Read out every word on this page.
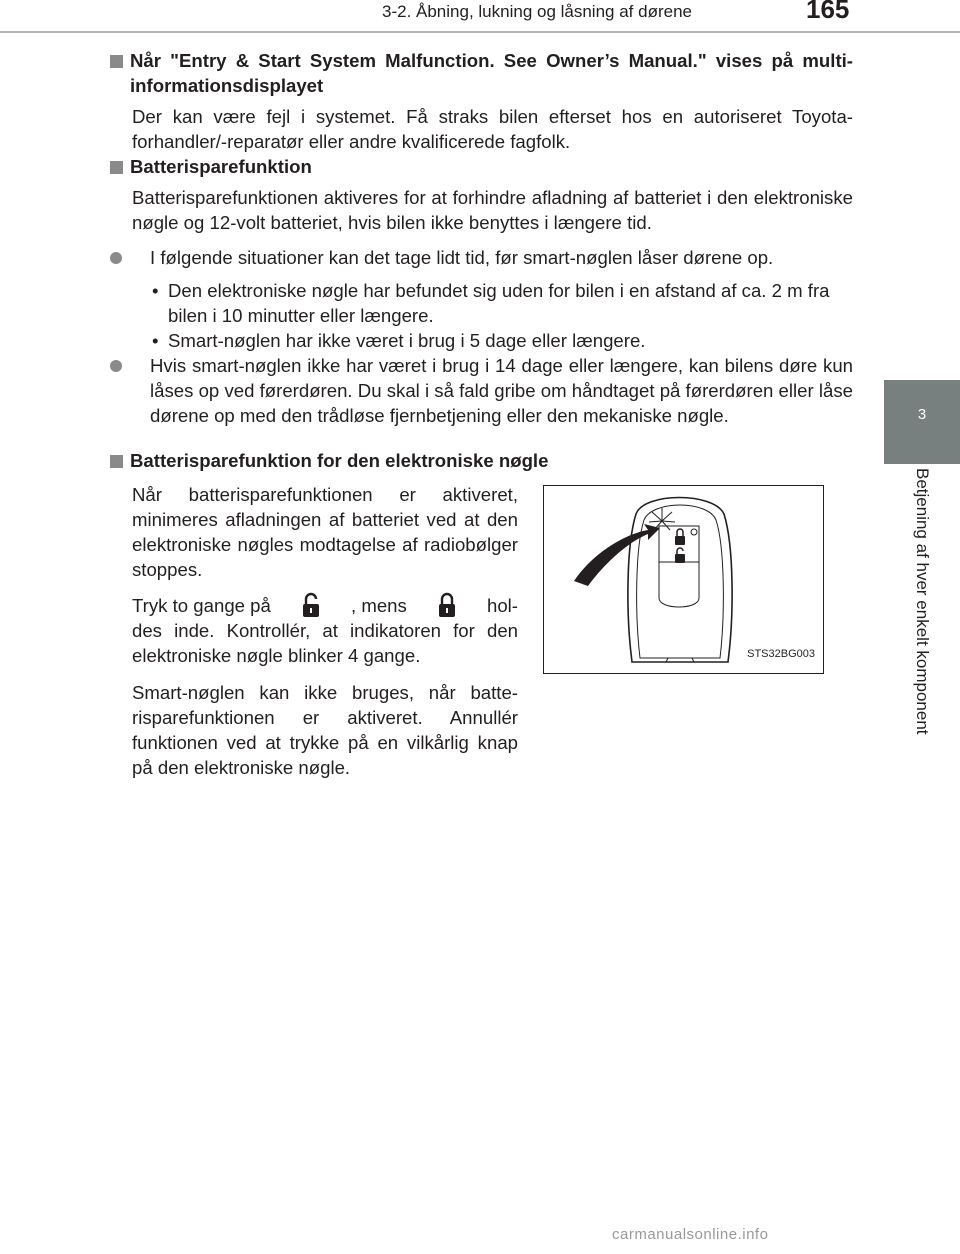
3-2. Åbning, lukning og låsning af dørene	165
3
Betjening af hver enkelt komponent
Når "Entry & Start System Malfunction. See Owner’s Manual." vises på multi-informationsdisplayet
Der kan være fejl i systemet. Få straks bilen efterset hos en autoriseret Toyota-forhandler/-reparatør eller andre kvalificerede fagfolk.
Batterisparefunktion
Batterisparefunktionen aktiveres for at forhindre afladning af batteriet i den elektroniske nøgle og 12-volt batteriet, hvis bilen ikke benyttes i længere tid.
I følgende situationer kan det tage lidt tid, før smart-nøglen låser dørene op.
• Den elektroniske nøgle har befundet sig uden for bilen i en afstand af ca. 2 m fra bilen i 10 minutter eller længere.
• Smart-nøglen har ikke været i brug i 5 dage eller længere.
Hvis smart-nøglen ikke har været i brug i 14 dage eller længere, kan bilens døre kun låses op ved førerdøren. Du skal i så fald gribe om håndtaget på førerdøren eller låse dørene op med den trådløse fjernbetjening eller den mekaniske nøgle.
Batterisparefunktion for den elektroniske nøgle
Når batterisparefunktionen er aktiveret, minimeres afladningen af batteriet ved at den elektroniske nøgles modtagelse af radiobølger stoppes.
Tryk to gange på	, mens	hol-
des inde. Kontrollér, at indikatoren for den elektroniske nøgle blinker 4 gange.
Smart-nøglen kan ikke bruges, når batte-risparefunktionen er aktiveret. Annullér funktionen ved at trykke på en vilkårlig knap på den elektroniske nøgle.
STS32BG003
carmanualsonline.info
